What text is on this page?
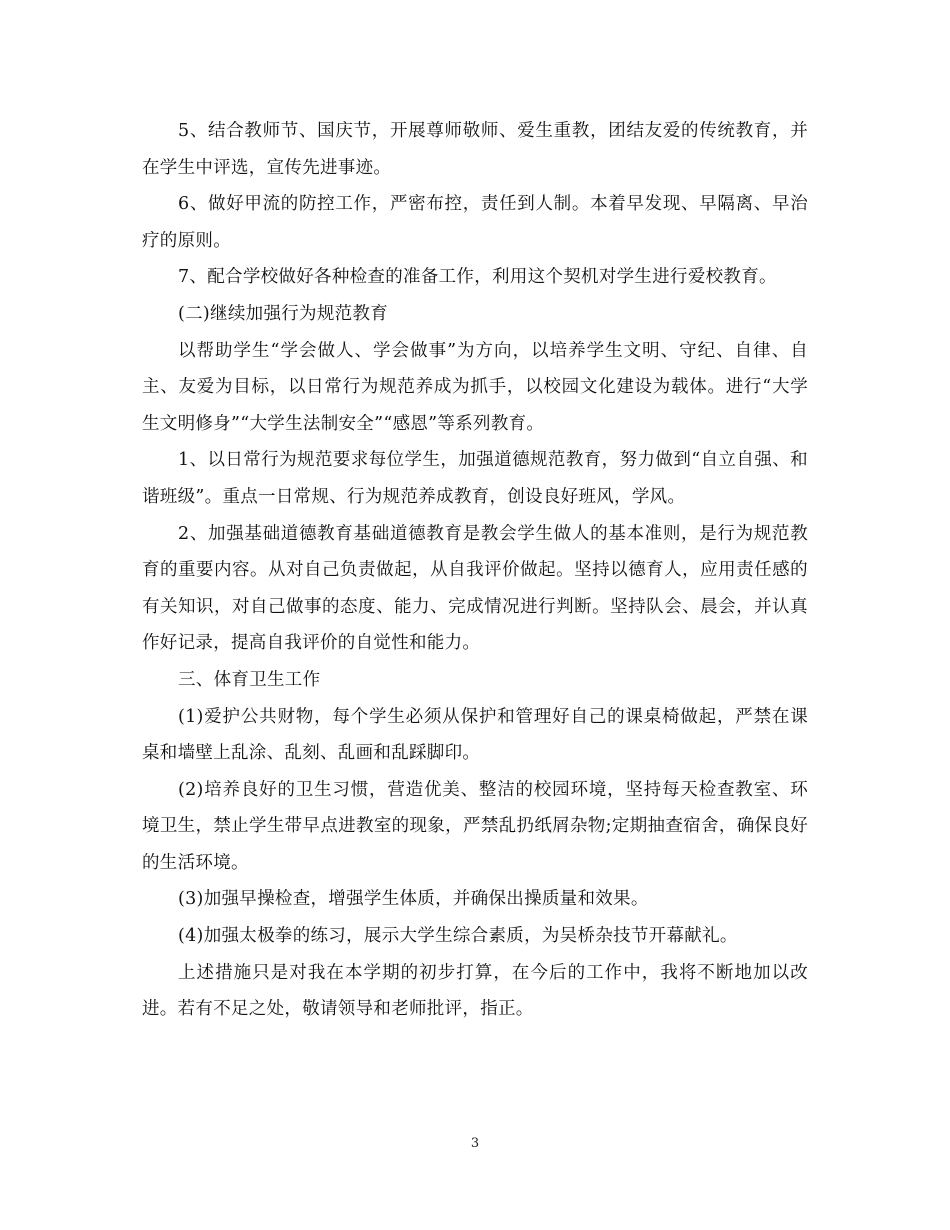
5、结合教师节、国庆节，开展尊师敬师、爱生重教，团结友爱的传统教育，并在学生中评选，宣传先进事迹。

6、做好甲流的防控工作，严密布控，责任到人制。本着早发现、早隔离、早治疗的原则。

7、配合学校做好各种检查的准备工作，利用这个契机对学生进行爱校教育。

(二)继续加强行为规范教育

以帮助学生“学会做人、学会做事”为方向，以培养学生文明、守纪、自律、自主、友爱为目标，以日常行为规范养成为抓手，以校园文化建设为载体。进行“大学生文明修身”“大学生法制安全”“感恩”等系列教育。

1、以日常行为规范要求每位学生，加强道德规范教育，努力做到“自立自强、和谐班级”。重点一日常规、行为规范养成教育，创设良好班风，学风。

2、加强基础道德教育基础道德教育是教会学生做人的基本准则，是行为规范教育的重要内容。从对自己负责做起，从自我评价做起。坚持以德育人，应用责任感的有关知识，对自己做事的态度、能力、完成情况进行判断。坚持队会、晨会，并认真作好记录，提高自我评价的自觉性和能力。

三、体育卫生工作

(1)爱护公共财物，每个学生必须从保护和管理好自己的课桌椅做起，严禁在课桌和墙壁上乱涂、乱刻、乱画和乱踩脚印。

(2)培养良好的卫生习惯，营造优美、整洁的校园环境，坚持每天检查教室、环境卫生，禁止学生带早点进教室的现象，严禁乱扔纸屑杂物;定期抽查宿舍，确保良好的生活环境。

(3)加强早操检查，增强学生体质，并确保出操质量和效果。

(4)加强太极拳的练习，展示大学生综合素质，为吴桥杂技节开幕献礼。

上述措施只是对我在本学期的初步打算，在今后的工作中，我将不断地加以改进。若有不足之处，敬请领导和老师批评，指正。

3
